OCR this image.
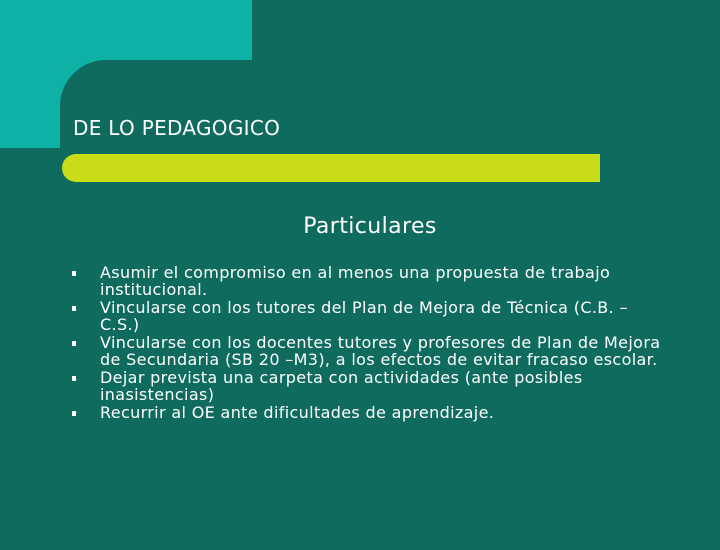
DE LO PEDAGOGICO
Particulares
Asumir el compromiso en al menos una propuesta de trabajo institucional.
Vincularse con los tutores del Plan de Mejora de Técnica (C.B. – C.S.)
Vincularse con los docentes tutores y profesores de Plan de Mejora de Secundaria (SB 20 –M3), a los efectos de evitar fracaso escolar.
Dejar prevista una carpeta con actividades (ante posibles inasistencias)
Recurrir al OE ante dificultades de aprendizaje.
